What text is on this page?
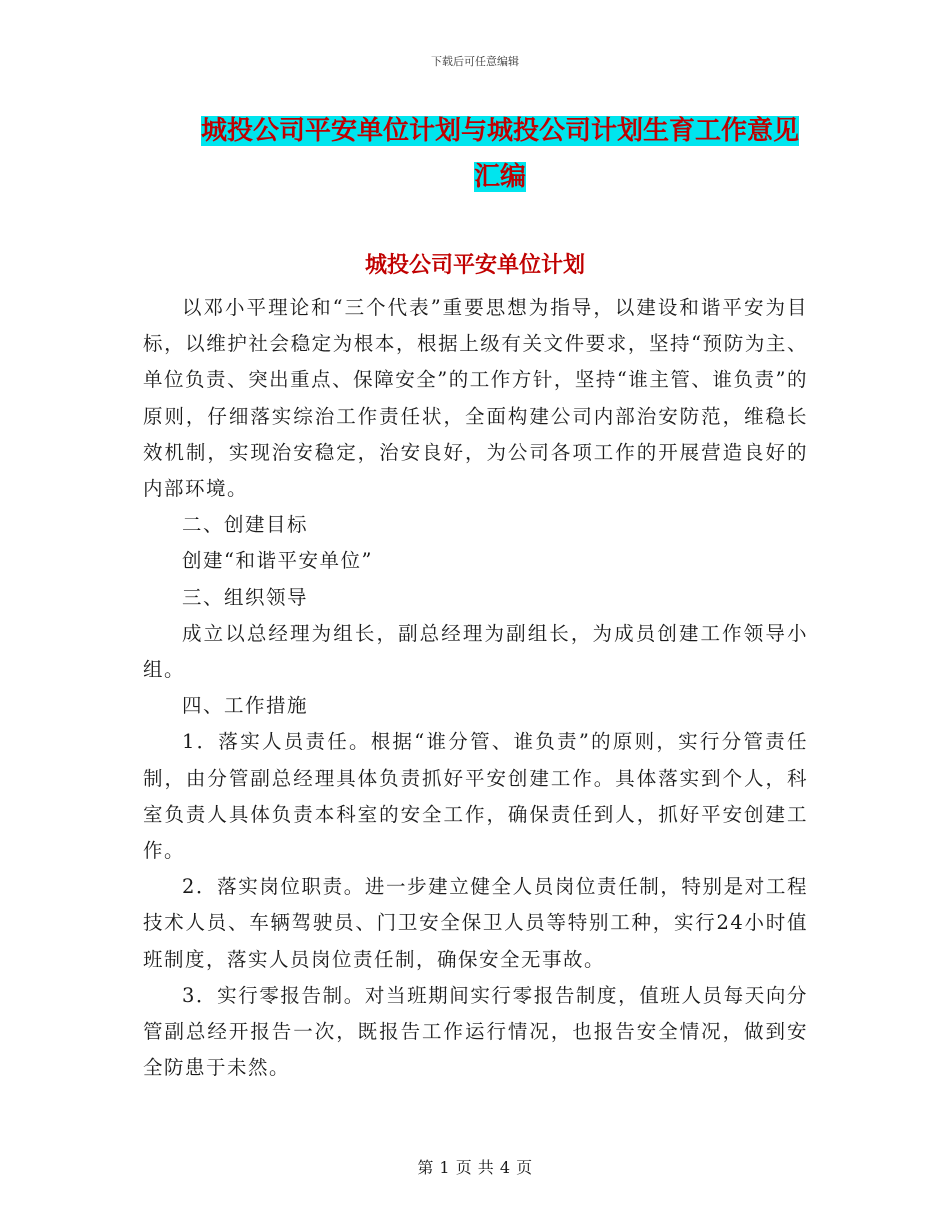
下载后可任意编辑
城投公司平安单位计划与城投公司计划生育工作意见汇编
城投公司平安单位计划

以邓小平理论和“三个代表”重要思想为指导，以建设和谐平安为目标，以维护社会稳定为根本，根据上级有关文件要求，坚持“预防为主、单位负责、突出重点、保障安全”的工作方针，坚持“谁主管、谁负责”的原则，仔细落实综治工作责任状，全面构建公司内部治安防范，维稳长效机制，实现治安稳定，治安良好，为公司各项工作的开展营造良好的内部环境。

二、创建目标

创建“和谐平安单位”

三、组织领导

成立以总经理为组长，副总经理为副组长，为成员创建工作领导小组。

四、工作措施

1．落实人员责任。根据“谁分管、谁负责”的原则，实行分管责任制，由分管副总经理具体负责抓好平安创建工作。具体落实到个人，科室负责人具体负责本科室的安全工作，确保责任到人，抓好平安创建工作。

2．落实岗位职责。进一步建立健全人员岗位责任制，特别是对工程技术人员、车辆驾驶员、门卫安全保卫人员等特别工种，实行24小时值班制度，落实人员岗位责任制，确保安全无事故。

3．实行零报告制。对当班期间实行零报告制度，值班人员每天向分管副总经开报告一次，既报告工作运行情况，也报告安全情况，做到安全防患于未然。

第 1 页 共 4 页
